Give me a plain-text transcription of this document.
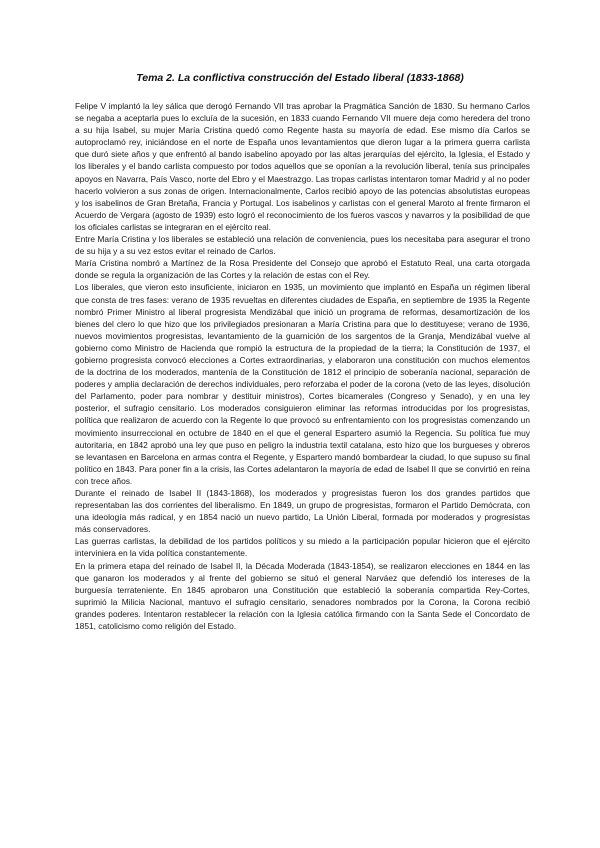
Tema 2. La conflictiva construcción del Estado liberal (1833-1868)

Felipe V implantó la ley sálica que derogó Fernando VII tras aprobar la Pragmática Sanción de 1830. Su hermano Carlos se negaba a aceptarla pues lo excluía de la sucesión, en 1833 cuando Fernando VII muere deja como heredera del trono a su hija Isabel, su mujer María Cristina quedó como Regente hasta su mayoría de edad. Ese mismo día Carlos se autoproclamó rey, iniciándose en el norte de España unos levantamientos que dieron lugar a la primera guerra carlista que duró siete años y que enfrentó al bando isabelino apoyado por las altas jerarquías del ejército, la Iglesia, el Estado y los liberales y el bando carlista compuesto por todos aquellos que se oponían a la revolución liberal, tenía sus principales apoyos en Navarra, País Vasco, norte del Ebro y el Maestrazgo. Las tropas carlistas intentaron tomar Madrid y al no poder hacerlo volvieron a sus zonas de origen. Internacionalmente, Carlos recibió apoyo de las potencias absolutistas europeas y los isabelinos de Gran Bretaña, Francia y Portugal. Los isabelinos y carlistas con el general Maroto al frente firmaron el Acuerdo de Vergara (agosto de 1939) esto logró el reconocimiento de los fueros vascos y navarros y la posibilidad de que los oficiales carlistas se integraran en el ejército real.

Entre María Cristina y los liberales se estableció una relación de conveniencia, pues los necesitaba para asegurar el trono de su hija y a su vez estos evitar el reinado de Carlos.

María Cristina nombró a Martínez de la Rosa Presidente del Consejo que aprobó el Estatuto Real, una carta otorgada donde se regula la organización de las Cortes y la relación de estas con el Rey.

Los liberales, que vieron esto insuficiente, iniciaron en 1935, un movimiento que implantó en España un régimen liberal que consta de tres fases: verano de 1935 revueltas en diferentes ciudades de España, en septiembre de 1935 la Regente nombró Primer Ministro al liberal progresista Mendizábal que inició un programa de reformas, desamortización de los bienes del clero lo que hizo que los privilegiados presionaran a María Cristina para que lo destituyese; verano de 1936, nuevos movimientos progresistas, levantamiento de la guarnición de los sargentos de la Granja, Mendizábal vuelve al gobierno como Ministro de Hacienda que rompió la estructura de la propiedad de la tierra; la Constitución de 1937, el gobierno progresista convocó elecciones a Cortes extraordinarias, y elaboraron una constitución con muchos elementos de la doctrina de los moderados, mantenía de la Constitución de 1812 el principio de soberanía nacional, separación de poderes y amplia declaración de derechos individuales, pero reforzaba el poder de la corona (veto de las leyes, disolución del Parlamento, poder para nombrar y destituir ministros), Cortes bicamerales (Congreso y Senado), y en una ley posterior, el sufragio censitario. Los moderados consiguieron eliminar las reformas introducidas por los progresistas, política que realizaron de acuerdo con la Regente lo que provocó su enfrentamiento con los progresistas comenzando un movimiento insurreccional en octubre de 1840 en el que el general Espartero asumió la Regencia. Su política fue muy autoritaria, en 1842 aprobó una ley que puso en peligro la industria textil catalana, esto hizo que los burgueses y obreros se levantasen en Barcelona en armas contra el Regente, y Espartero mandó bombardear la ciudad, lo que supuso su final político en 1843. Para poner fin a la crisis, las Cortes adelantaron la mayoría de edad de Isabel II que se convirtió en reina con trece años.

Durante el reinado de Isabel II (1843-1868), los moderados y progresistas fueron los dos grandes partidos que representaban las dos corrientes del liberalismo. En 1849, un grupo de progresistas, formaron el Partido Demócrata, con una ideología más radical, y en 1854 nació un nuevo partido, La Unión Liberal, formada por moderados y progresistas más conservadores.

Las guerras carlistas, la debilidad de los partidos políticos y su miedo a la participación popular hicieron que el ejército interviniera en la vida política constantemente.

En la primera etapa del reinado de Isabel II, la Década Moderada (1843-1854), se realizaron elecciones en 1844 en las que ganaron los moderados y al frente del gobierno se situó el general Narváez que defendió los intereses de la burguesía terrateniente. En 1845 aprobaron una Constitución que estableció la soberanía compartida Rey-Cortes, suprimió la Milicia Nacional, mantuvo el sufragio censitario, senadores nombrados por la Corona, la Corona recibió grandes poderes. Intentaron restablecer la relación con la Iglesia católica firmando con la Santa Sede el Concordato de 1851, catolicismo como religión del Estado.
